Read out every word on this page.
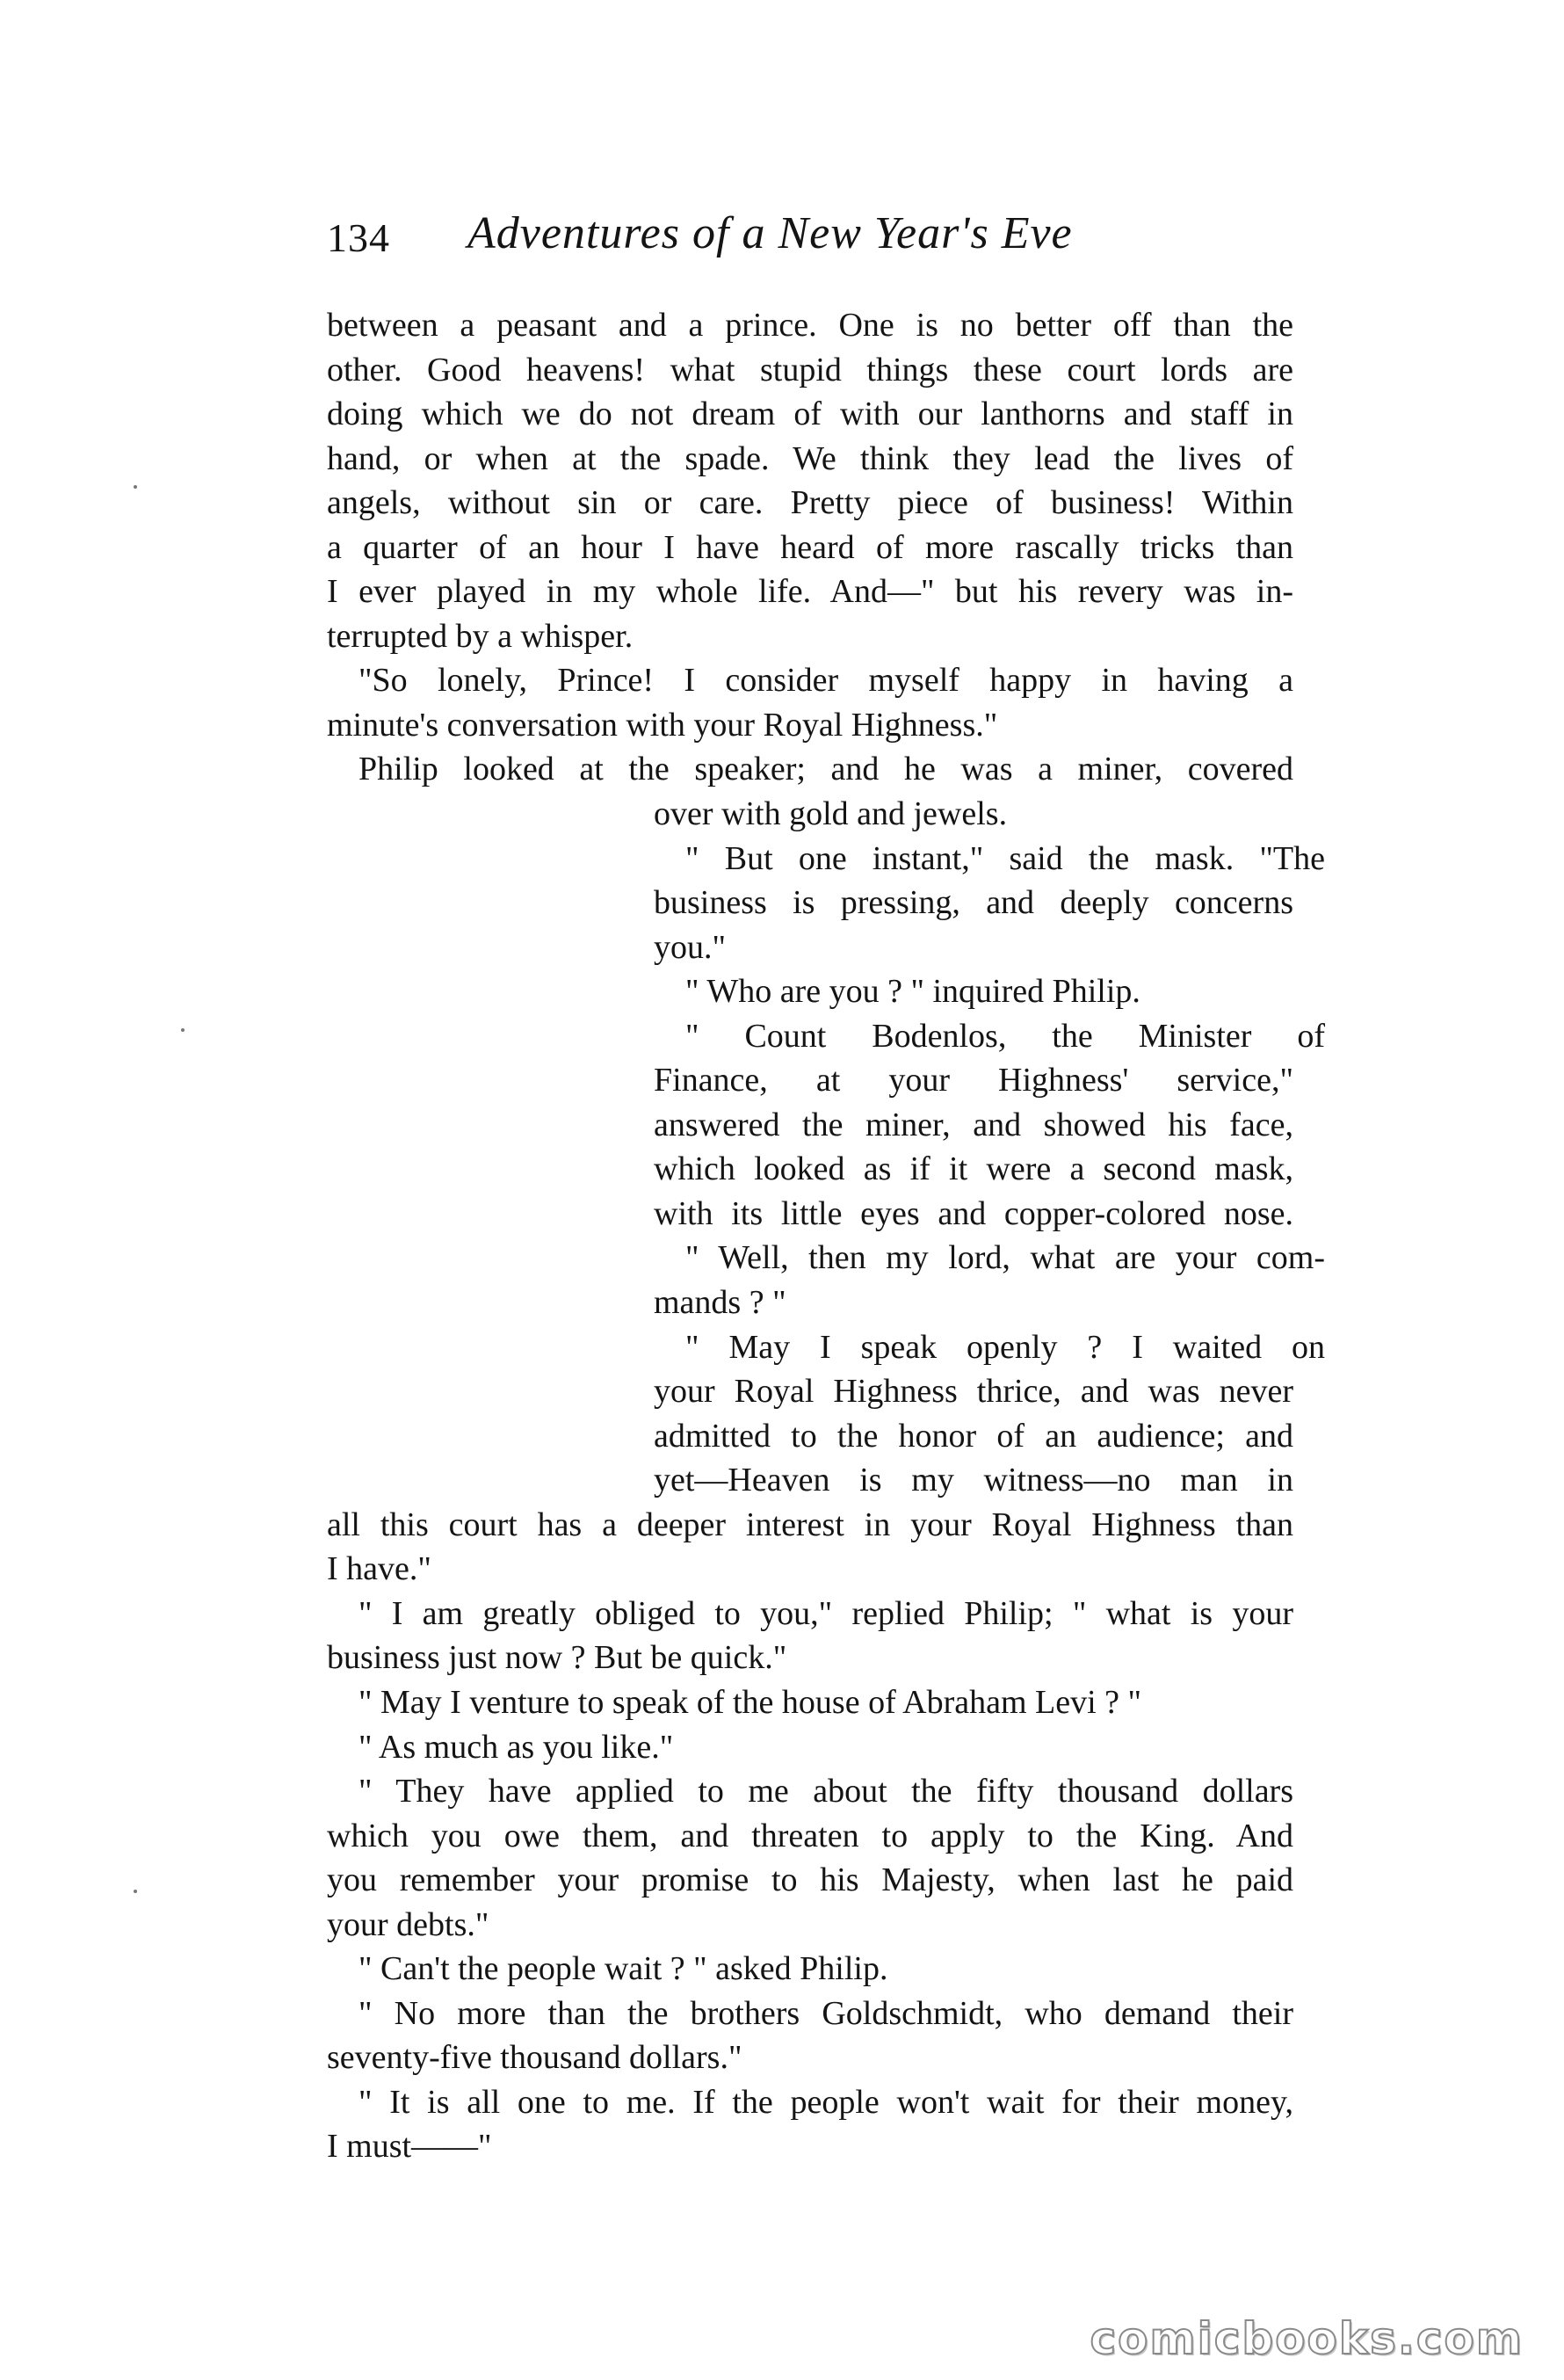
134 Adventures of a New Year's Eve
between a peasant and a prince. One is no better off than the
other. Good heavens! what stupid things these court lords are
doing which we do not dream of with our lanthorns and staff in
hand, or when at the spade. We think they lead the lives of
angels, without sin or care. Pretty piece of business! Within
a quarter of an hour I have heard of more rascally tricks than
I ever played in my whole life. And—" but his revery was in-
terrupted by a whisper.
"So lonely, Prince! I consider myself happy in having a
minute's conversation with your Royal Highness."
Philip looked at the speaker; and he was a miner, covered
over with gold and jewels.
" But one instant," said the mask. "The
business is pressing, and deeply concerns
you."
" Who are you ? " inquired Philip.
" Count Bodenlos, the Minister of
Finance, at your Highness' service,"
answered the miner, and showed his face,
which looked as if it were a second mask,
with its little eyes and copper-colored nose.
" Well, then my lord, what are your com-
mands ? "
" May I speak openly ? I waited on
your Royal Highness thrice, and was never
admitted to the honor of an audience; and
yet—Heaven is my witness—no man in
all this court has a deeper interest in your Royal Highness than
I have."
" I am greatly obliged to you," replied Philip; " what is your
business just now ? But be quick."
" May I venture to speak of the house of Abraham Levi ? "
" As much as you like."
" They have applied to me about the fifty thousand dollars
which you owe them, and threaten to apply to the King. And
you remember your promise to his Majesty, when last he paid
your debts."
" Can't the people wait ? " asked Philip.
" No more than the brothers Goldschmidt, who demand their
seventy-five thousand dollars."
" It is all one to me. If the people won't wait for their money,
I must——"
comicbooks.com
